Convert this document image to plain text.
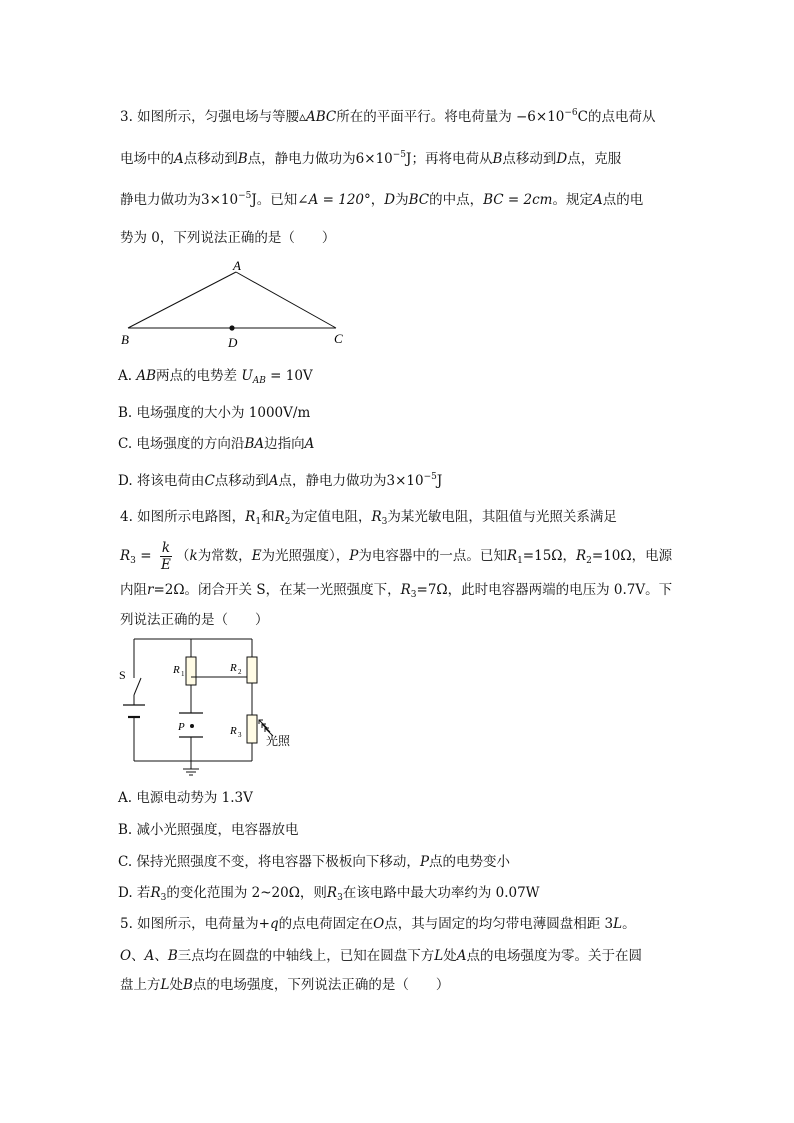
3. 如图所示，匀强电场与等腰▵ABC所在的平面平行。将电荷量为 $-6\times 10^{-6}C$的点电荷从
电场中的A点移动到B点，静电力做功为$6\times 10^{-5}J$；再将电荷从B点移动到D点，克服
静电力做功为$3\times 10^{-5}J$。已知∠A = 120°，D为BC的中点，BC = 2cm。规定A点的电
势为 0，下列说法正确的是（　　）
A
B	C
D
A. AB两点的电势差 $U_{AB} = 10V$
B. 电场强度的大小为 1000V/m
C. 电场强度的方向沿BA边指向A
D. 将该电荷由C点移动到A点，静电力做功为$3\times 10^{-5}J$
4. 如图所示电路图，$R_1$和$R_2$为定值电阻，$R_3$为某光敏电阻，其阻值与光照关系满足
$R_3 = \frac{k}{E} (k$为常数，E为光照强度），P为电容器中的一点。已知$R_1=15\Omega$，$R_2=10\Omega$，电源
内阻r=2Ω。闭合开关 S，在某一光照强度下，$R_3=7\Omega$，此时电容器两端的电压为 0.7V。下
列说法正确的是（　　）
S	R 1
P
R 2
R 3 光照
A. 电源电动势为 1.3V
B. 减小光照强度，电容器放电
C. 保持光照强度不变，将电容器下极板向下移动，P点的电势变小
D. 若$R_3$的变化范围为 2~20Ω，则$R_3$在该电路中最大功率约为 0.07W
5. 如图所示，电荷量为+q的点电荷固定在O点，其与固定的均匀带电薄圆盘相距 3L。
O、A、B三点均在圆盘的中轴线上，已知在圆盘下方L处A点的电场强度为零。关于在圆
盘上方L处B点的电场强度，下列说法正确的是（　　）
